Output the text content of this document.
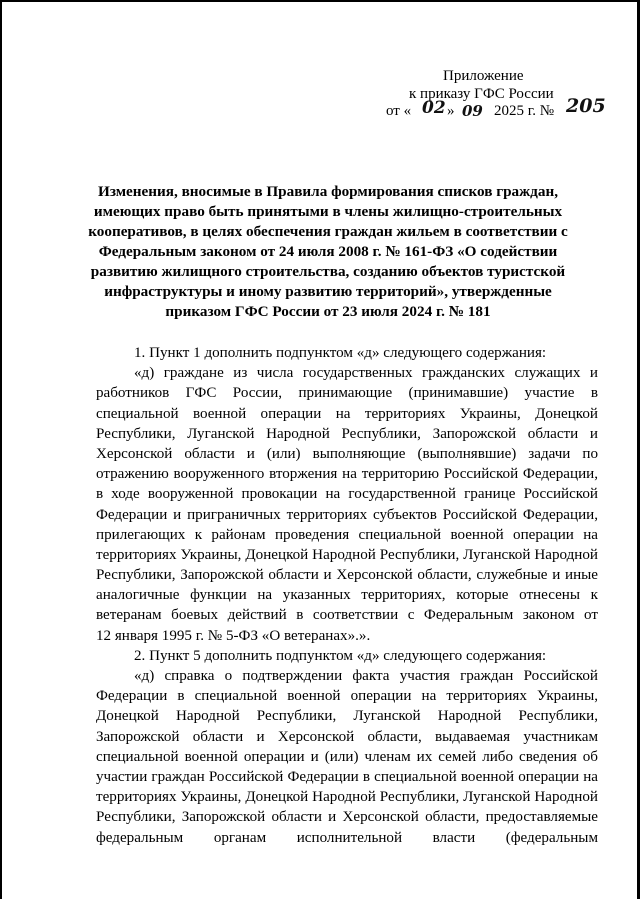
Приложение
к приказу ГФС России
от « 02 » 09 2025 г. № 205
Изменения, вносимые в Правила формирования списков граждан,
имеющих право быть принятыми в члены жилищно-строительных
кооперативов, в целях обеспечения граждан жильем в соответствии с
Федеральным законом от 24 июля 2008 г. № 161-ФЗ «О содействии
развитию жилищного строительства, созданию объектов туристской
инфраструктуры и иному развитию территорий», утвержденные
приказом ГФС России от 23 июля 2024 г. № 181
1. Пункт 1 дополнить подпунктом «д» следующего содержания:
«д) граждане из числа государственных гражданских служащих и
работников ГФС России, принимающие (принимавшие) участие в
специальной военной операции на территориях Украины, Донецкой
Республики, Луганской Народной Республики, Запорожской области и
Херсонской области и (или) выполняющие (выполнявшие) задачи по
отражению вооруженного вторжения на территорию Российской Федерации,
в ходе вооруженной провокации на государственной границе Российской
Федерации и приграничных территориях субъектов Российской Федерации,
прилегающих к районам проведения специальной военной операции на
территориях Украины, Донецкой Народной Республики, Луганской Народной
Республики, Запорожской области и Херсонской области, служебные и иные
аналогичные функции на указанных территориях, которые отнесены к
ветеранам боевых действий в соответствии с Федеральным законом от
12 января 1995 г. № 5-ФЗ «О ветеранах».».
2. Пункт 5 дополнить подпунктом «д» следующего содержания:
«д) справка о подтверждении факта участия граждан Российской
Федерации в специальной военной операции на территориях Украины,
Донецкой Народной Республики, Луганской Народной Республики,
Запорожской области и Херсонской области, выдаваемая участникам
специальной военной операции и (или) членам их семей либо сведения об
участии граждан Российской Федерации в специальной военной операции на
территориях Украины, Донецкой Народной Республики, Луганской Народной
Республики, Запорожской области и Херсонской области, предоставляемые
федеральным органам исполнительной власти (федеральным
